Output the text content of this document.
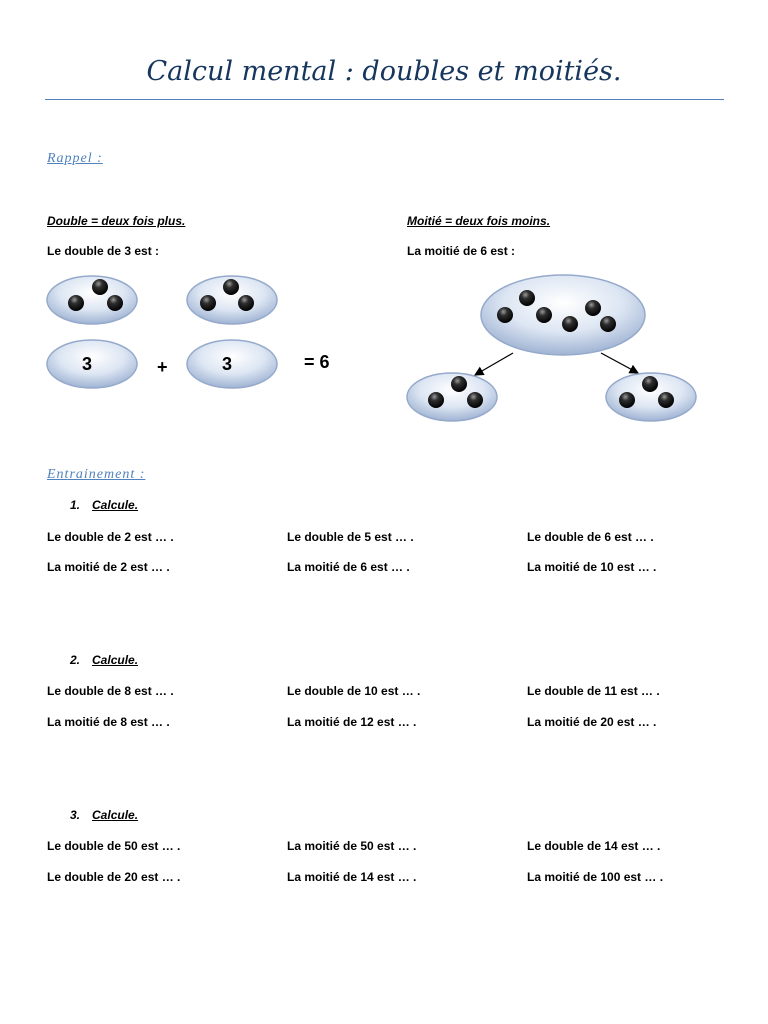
Calcul mental : doubles et moitiés.
Rappel :
Double = deux fois plus.	Moitié = deux fois moins.
Le double de 3 est :	La moitié de 6 est :
3	+	3	= 6
Entrainement :
1. Calcule.
Le double de 2 est … .	Le double de 5 est … .	Le double de 6 est … .
La moitié de 2 est … .	La moitié de 6 est … .	La moitié de 10 est … .
2. Calcule.
Le double de 8 est … .	Le double de 10 est … .	Le double de 11 est … .
La moitié de 8 est … .	La moitié de 12 est … .	La moitié de 20 est … .
3. Calcule.
Le double de 50 est … .	La moitié de 50 est … .	Le double de 14 est … .
Le double de 20 est … .	La moitié de 14 est … .	La moitié de 100 est … .
